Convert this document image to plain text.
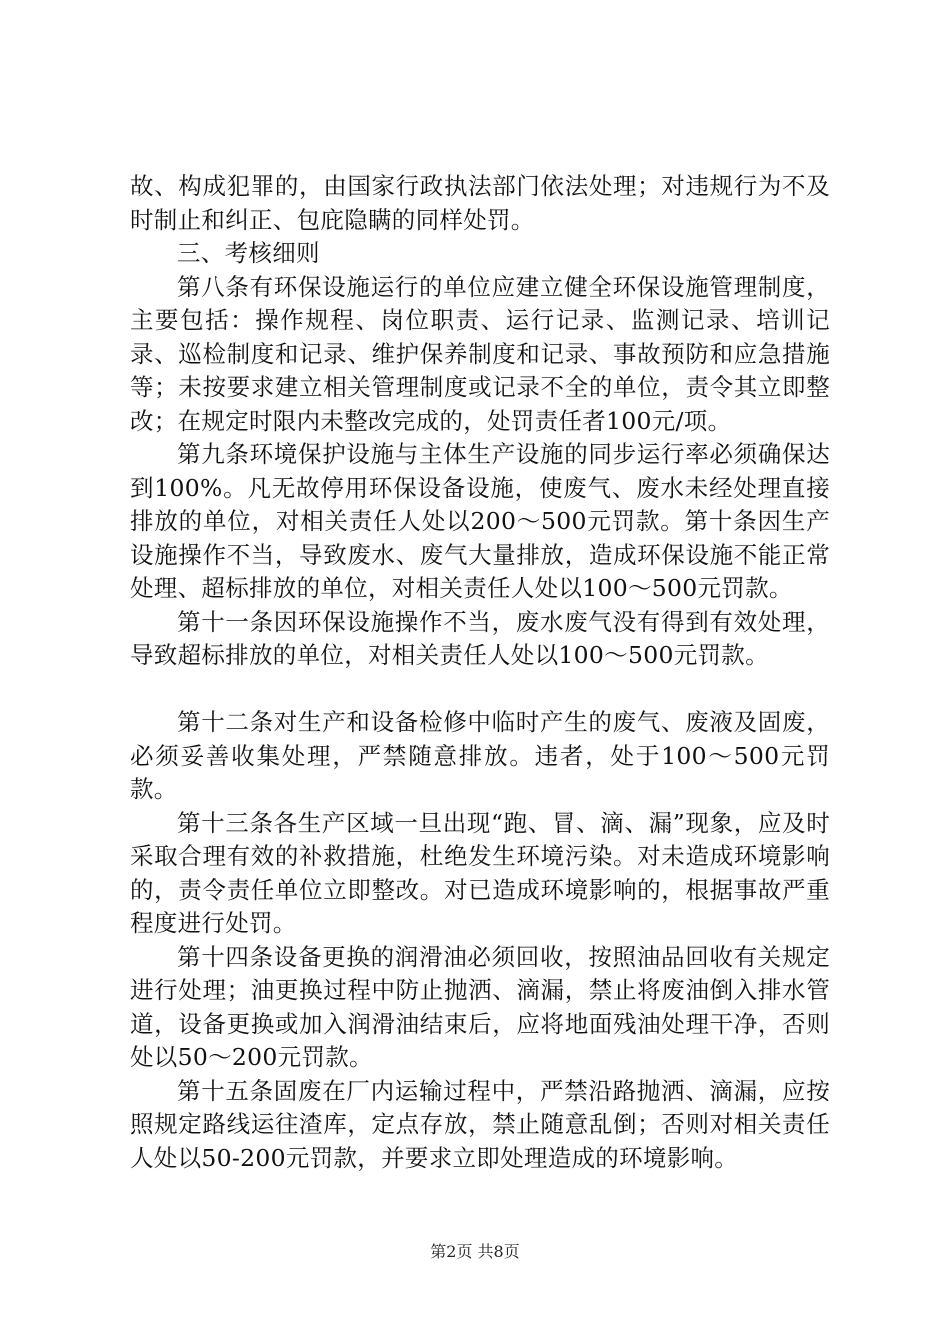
故、构成犯罪的，由国家行政执法部门依法处理；对违规行为不及时制止和纠正、包庇隐瞒的同样处罚。

三、考核细则

第八条有环保设施运行的单位应建立健全环保设施管理制度，主要包括：操作规程、岗位职责、运行记录、监测记录、培训记录、巡检制度和记录、维护保养制度和记录、事故预防和应急措施等；未按要求建立相关管理制度或记录不全的单位，责令其立即整改；在规定时限内未整改完成的，处罚责任者100元/项。

第九条环境保护设施与主体生产设施的同步运行率必须确保达到100%。凡无故停用环保设备设施，使废气、废水未经处理直接排放的单位，对相关责任人处以200～500元罚款。第十条因生产设施操作不当，导致废水、废气大量排放，造成环保设施不能正常处理、超标排放的单位，对相关责任人处以100～500元罚款。

第十一条因环保设施操作不当，废水废气没有得到有效处理，导致超标排放的单位，对相关责任人处以100～500元罚款。

第十二条对生产和设备检修中临时产生的废气、废液及固废，必须妥善收集处理，严禁随意排放。违者，处于100～500元罚款。

第十三条各生产区域一旦出现“跑、冒、滴、漏”现象，应及时采取合理有效的补救措施，杜绝发生环境污染。对未造成环境影响的，责令责任单位立即整改。对已造成环境影响的，根据事故严重程度进行处罚。

第十四条设备更换的润滑油必须回收，按照油品回收有关规定进行处理；油更换过程中防止抛洒、滴漏，禁止将废油倒入排水管道，设备更换或加入润滑油结束后，应将地面残油处理干净，否则处以50～200元罚款。

第十五条固废在厂内运输过程中，严禁沿路抛洒、滴漏，应按照规定路线运往渣库，定点存放，禁止随意乱倒；否则对相关责任人处以50-200元罚款，并要求立即处理造成的环境影响。

第2页 共8页
